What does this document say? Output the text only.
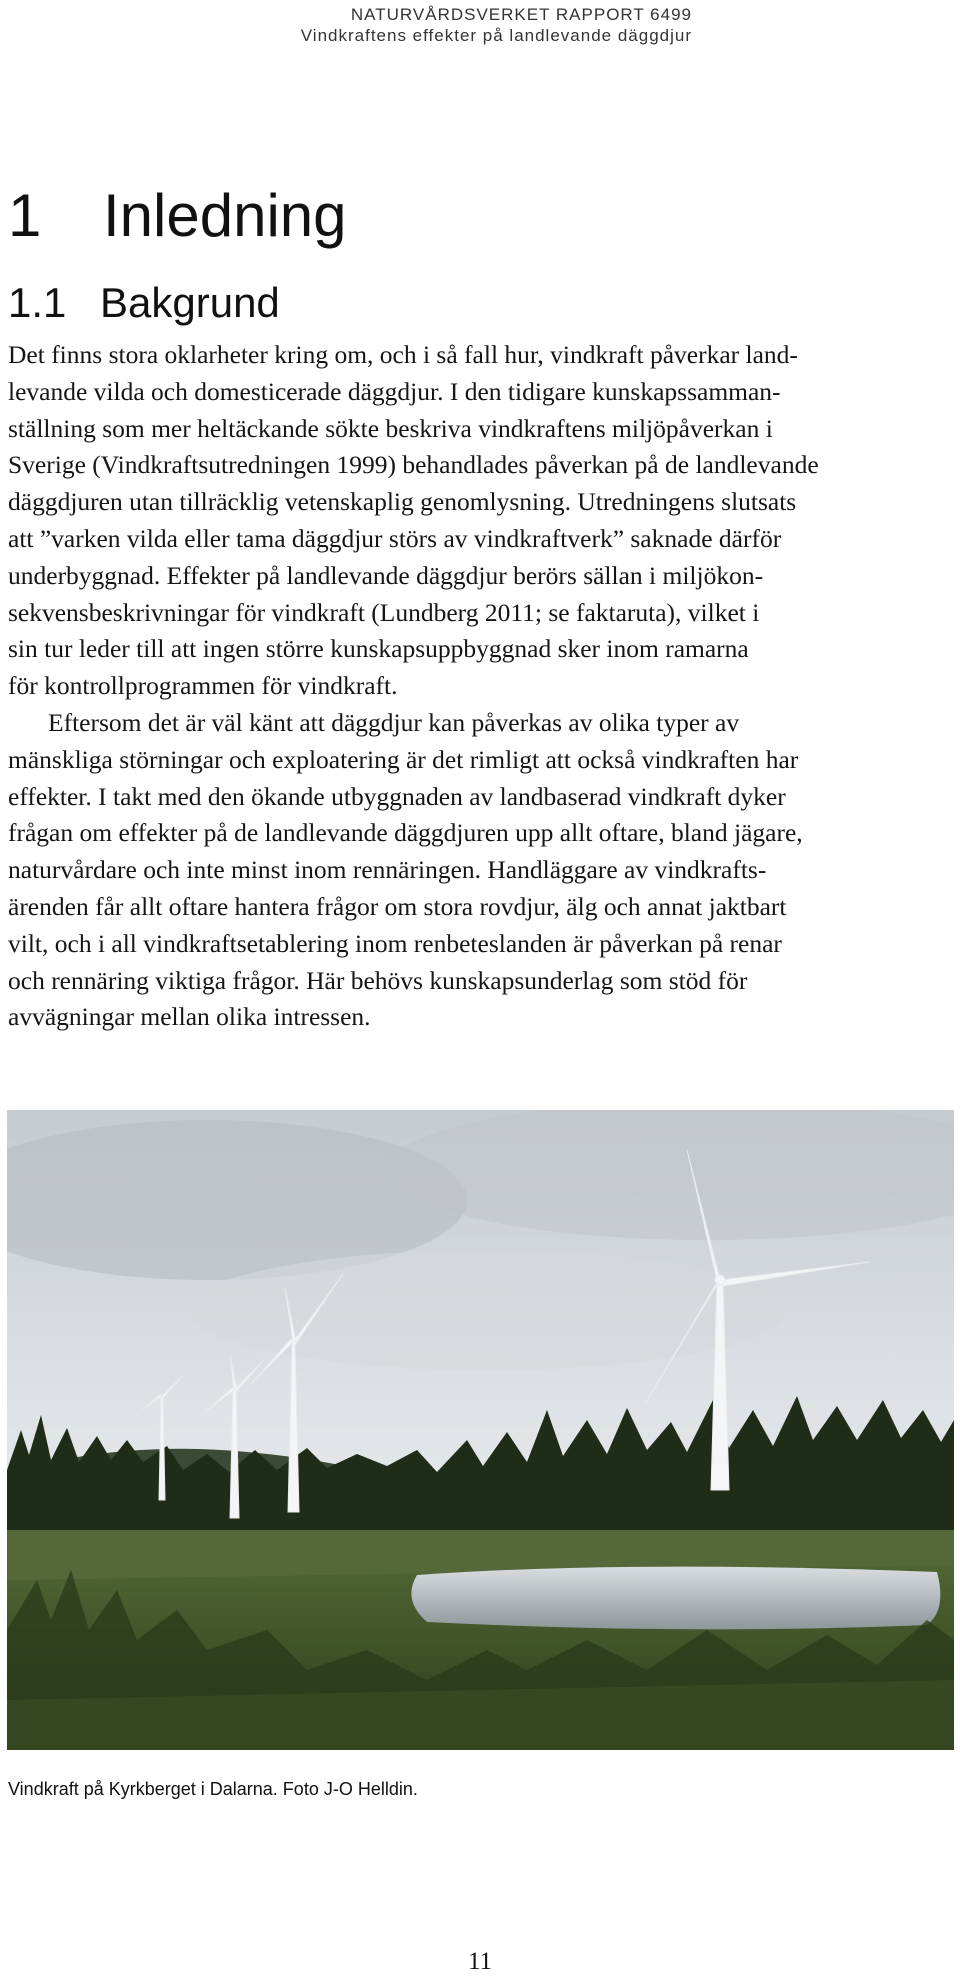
NATURVÅRDSVERKET RAPPORT 6499
Vindkraftens effekter på landlevande däggdjur
1 Inledning
1.1 Bakgrund
Det finns stora oklarheter kring om, och i så fall hur, vindkraft påverkar land-
levande vilda och domesticerade däggdjur. I den tidigare kunskapssamman-
ställning som mer heltäckande sökte beskriva vindkraftens miljöpåverkan i
Sverige (Vindkraftsutredningen 1999) behandlades påverkan på de landlevande
däggdjuren utan tillräcklig vetenskaplig genomlysning. Utredningens slutsats
att ”varken vilda eller tama däggdjur störs av vindkraftverk” saknade därför
underbyggnad. Effekter på landlevande däggdjur berörs sällan i miljökon-
sekvensbeskrivningar för vindkraft (Lundberg 2011; se faktaruta), vilket i
sin tur leder till att ingen större kunskapsuppbyggnad sker inom ramarna
för kontrollprogrammen för vindkraft.
Eftersom det är väl känt att däggdjur kan påverkas av olika typer av
mänskliga störningar och exploatering är det rimligt att också vindkraften har
effekter. I takt med den ökande utbyggnaden av landbaserad vindkraft dyker
frågan om effekter på de landlevande däggdjuren upp allt oftare, bland jägare,
naturvårdare och inte minst inom rennäringen. Handläggare av vindkrafts-
ärenden får allt oftare hantera frågor om stora rovdjur, älg och annat jaktbart
vilt, och i all vindkraftsetablering inom renbeteslanden är påverkan på renar
och rennäring viktiga frågor. Här behövs kunskapsunderlag som stöd för
avvägningar mellan olika intressen.
Vindkraft på Kyrkberget i Dalarna. Foto J-O Helldin.
11
